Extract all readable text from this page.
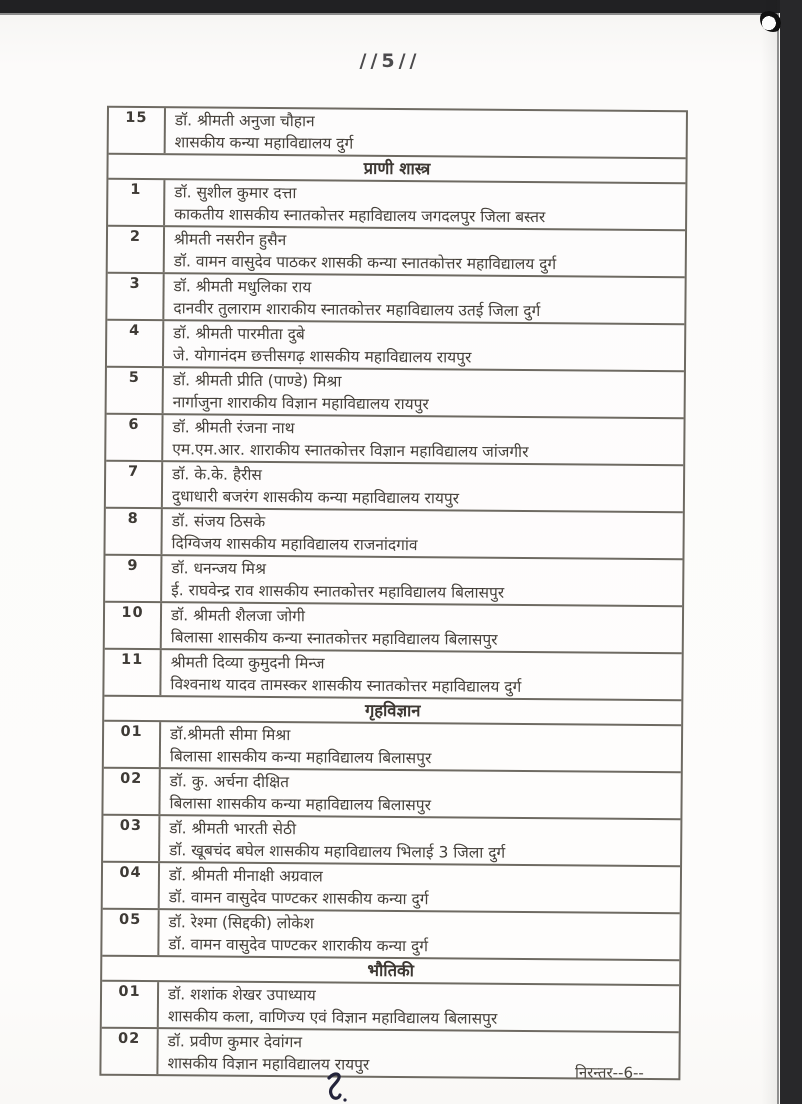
//5//
15	डॉ. श्रीमती अनुजा चौहान
शासकीय कन्या महाविद्यालय दुर्ग
प्राणी शास्त्र
1	डॉ. सुशील कुमार दत्ता
काकतीय शासकीय स्नातकोत्तर महाविद्यालय जगदलपुर जिला बस्तर
2	श्रीमती नसरीन हुसैन
डॉ. वामन वासुदेव पाठकर शासकी कन्या स्नातकोत्तर महाविद्यालय दुर्ग
3	डॉ. श्रीमती मधुलिका राय
दानवीर तुलाराम शाराकीय स्नातकोत्तर महाविद्यालय उतई जिला दुर्ग
4	डॉ. श्रीमती पारमीता दुबे
जे. योगानंदम छत्तीसगढ़ शासकीय महाविद्यालय रायपुर
5	डॉ. श्रीमती प्रीति (पाण्डे) मिश्रा
नार्गाजुना शाराकीय विज्ञान महाविद्यालय रायपुर
6	डॉ. श्रीमती रंजना नाथ
एम.एम.आर. शाराकीय स्नातकोत्तर विज्ञान महाविद्यालय जांजगीर
7	डॉ. के.के. हैरीस
दुधाधारी बजरंग शासकीय कन्या महाविद्यालय रायपुर
8	डॉ. संजय ठिसके
दिग्विजय शासकीय महाविद्यालय राजनांदगांव
9	डॉ. धनन्जय मिश्र
ई. राघवेन्द्र राव शासकीय स्नातकोत्तर महाविद्यालय बिलासपुर
10	डॉ. श्रीमती शैलजा जोगी
बिलासा शासकीय कन्या स्नातकोत्तर महाविद्यालय बिलासपुर
11	श्रीमती दिव्या कुमुदनी मिन्ज
विश्वनाथ यादव तामस्कर शासकीय स्नातकोत्तर महाविद्यालय दुर्ग
गृहविज्ञान
01	डॉ.श्रीमती सीमा मिश्रा
बिलासा शासकीय कन्या महाविद्यालय बिलासपुर
02	डॉ. कु. अर्चना दीक्षित
बिलासा शासकीय कन्या महाविद्यालय बिलासपुर
03	डॉ. श्रीमती भारती सेठी
डॉ. खूबचंद बघेल शासकीय महाविद्यालय भिलाई 3 जिला दुर्ग
04	डॉ. श्रीमती मीनाक्षी अग्रवाल
डॉ. वामन वासुदेव पाण्टकर शासकीय कन्या दुर्ग
05	डॉ. रेश्मा (सिद्दकी) लोकेश
डॉ. वामन वासुदेव पाण्टकर शाराकीय कन्या दुर्ग
भौतिकी
01	डॉ. शशांक शेखर उपाध्याय
शासकीय कला, वाणिज्य एवं विज्ञान महाविद्यालय बिलासपुर
02	डॉ. प्रवीण कुमार देवांगन
शासकीय विज्ञान महाविद्यालय रायपुर	निरन्तर--6--
